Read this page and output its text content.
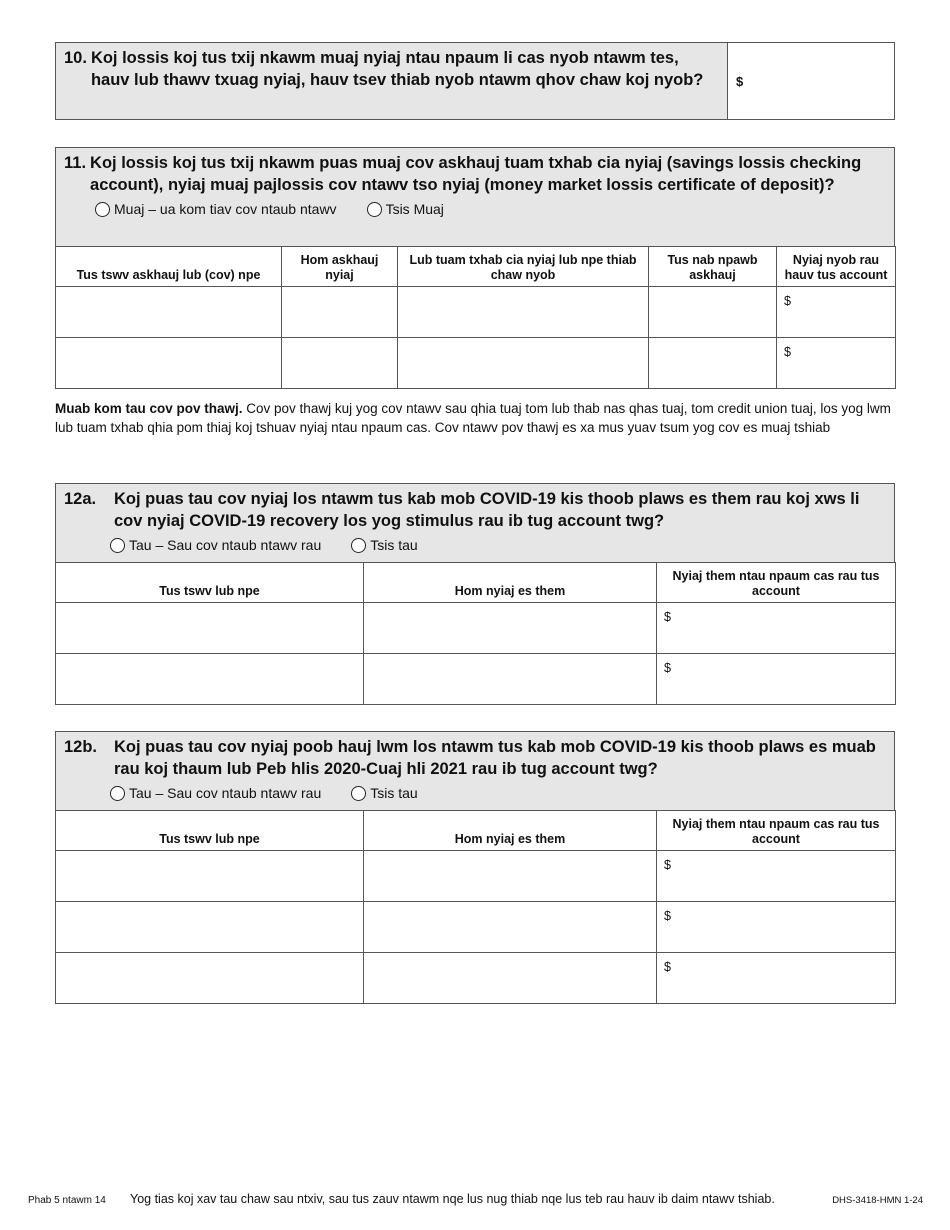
10. Koj lossis koj tus txij nkawm muaj nyiaj ntau npaum li cas nyob ntawm tes, hauv lub thawv txuag nyiaj, hauv tsev thiab nyob ntawm qhov chaw koj nyob?	$
11. Koj lossis koj tus txij nkawm puas muaj cov askhauj tuam txhab cia nyiaj (savings lossis checking account), nyiaj muaj pajlossis cov ntawv tso nyiaj (money market lossis certificate of deposit)?
Muaj – ua kom tiav cov ntaub ntawv	Tsis Muaj
Tus tswv askhauj lub (cov) npe	Hom askhauj nyiaj	Lub tuam txhab cia nyiaj lub npe thiab chaw nyob	Tus nab npawb askhauj	Nyiaj nyob rau hauv tus account

				$

				$
Muab kom tau cov pov thawj. Cov pov thawj kuj yog cov ntawv sau qhia tuaj tom lub thab nas qhas tuaj, tom credit union tuaj, los yog lwm lub tuam txhab qhia pom thiaj koj tshuav nyiaj ntau npaum cas. Cov ntawv pov thawj es xa mus yuav tsum yog cov es muaj tshiab
12a.	Koj puas tau cov nyiaj los ntawm tus kab mob COVID-19 kis thoob plaws es them rau koj xws li cov nyiaj COVID-19 recovery los yog stimulus rau ib tug account twg?
Tau – Sau cov ntaub ntawv rau	Tsis tau
Tus tswv lub npe	Hom nyiaj es them	Nyiaj them ntau npaum cas rau tus account

		$

		$
12b.	Koj puas tau cov nyiaj poob hauj lwm los ntawm tus kab mob COVID-19 kis thoob plaws es muab rau koj thaum lub Peb hlis 2020-Cuaj hli 2021 rau ib tug account twg?
Tau – Sau cov ntaub ntawv rau	Tsis tau
Tus tswv lub npe	Hom nyiaj es them	Nyiaj them ntau npaum cas rau tus account

		$

		$

		$
Phab 5 ntawm 14	Yog tias koj xav tau chaw sau ntxiv, sau tus zauv ntawm nqe lus nug thiab nqe lus teb rau hauv ib daim ntawv tshiab.	DHS-3418-HMN 1-24
